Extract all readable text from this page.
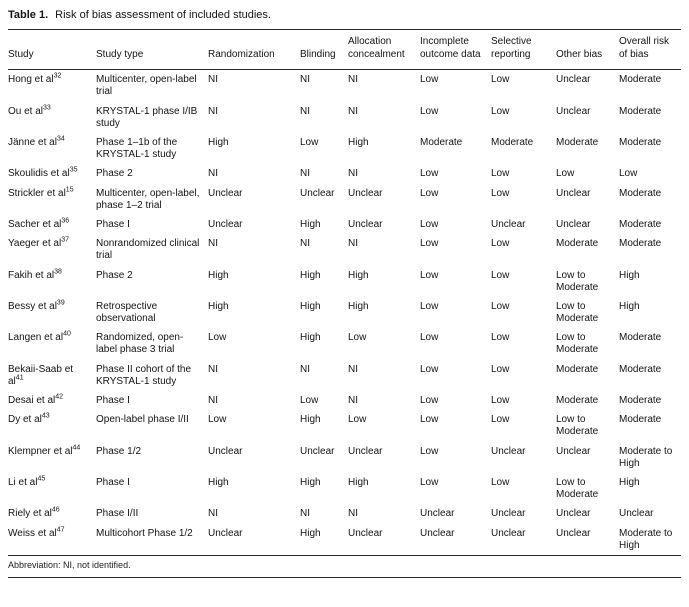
Table 1. Risk of bias assessment of included studies.
Study	Study type	Randomization	Blinding	Allocation concealment	Incomplete outcome data	Selective reporting	Other bias	Overall risk of bias
Hong et $al^{32}$	Multicenter, open-label trial	NI	NI	NI	Low	Low	Unclear	Moderate
Ou et $al^{33}$	KRYSTAL-1 phase I/IB study	NI	NI	NI	Low	Low	Unclear	Moderate
Jänne et $al^{34}$	Phase 1–1b of the KRYSTAL-1 study	High	Low	High	Moderate	Moderate	Moderate	Moderate
Skoulidis et $al^{35}$	Phase 2	NI	NI	NI	Low	Low	Low	Low
Strickler et $al^{15}$	Multicenter, open-label, phase 1–2 trial	Unclear	Unclear	Unclear	Low	Low	Unclear	Moderate
Sacher et $al^{36}$	Phase I	Unclear	High	Unclear	Low	Unclear	Unclear	Moderate
Yaeger et $al^{37}$	Nonrandomized clinical trial	NI	NI	NI	Low	Low	Moderate	Moderate
Fakih et $al^{38}$	Phase 2	High	High	High	Low	Low	Low to Moderate	High
Bessy et $al^{39}$	Retrospective observational	High	High	High	Low	Low	Low to Moderate	High
Langen et $al^{40}$	Randomized, open-label phase 3 trial	Low	High	Low	Low	Low	Low to Moderate	Moderate
Bekaii-Saab et $al^{41}$	Phase II cohort of the KRYSTAL-1 study	NI	NI	NI	Low	Low	Moderate	Moderate
Desai et $al^{42}$	Phase I	NI	Low	NI	Low	Low	Moderate	Moderate
Dy et $al^{43}$	Open-label phase I/II	Low	High	Low	Low	Low	Low to Moderate	Moderate
Klempner et $al^{44}$	Phase 1/2	Unclear	Unclear	Unclear	Low	Unclear	Unclear	Moderate to High
Li et $al^{45}$	Phase I	High	High	High	Low	Low	Low to Moderate	High
Riely et $al^{46}$	Phase I/II	NI	NI	NI	Unclear	Unclear	Unclear	Unclear
Weiss et $al^{47}$	Multicohort Phase 1/2	Unclear	High	Unclear	Unclear	Unclear	Unclear	Moderate to High
Abbreviation: NI, not identified.
